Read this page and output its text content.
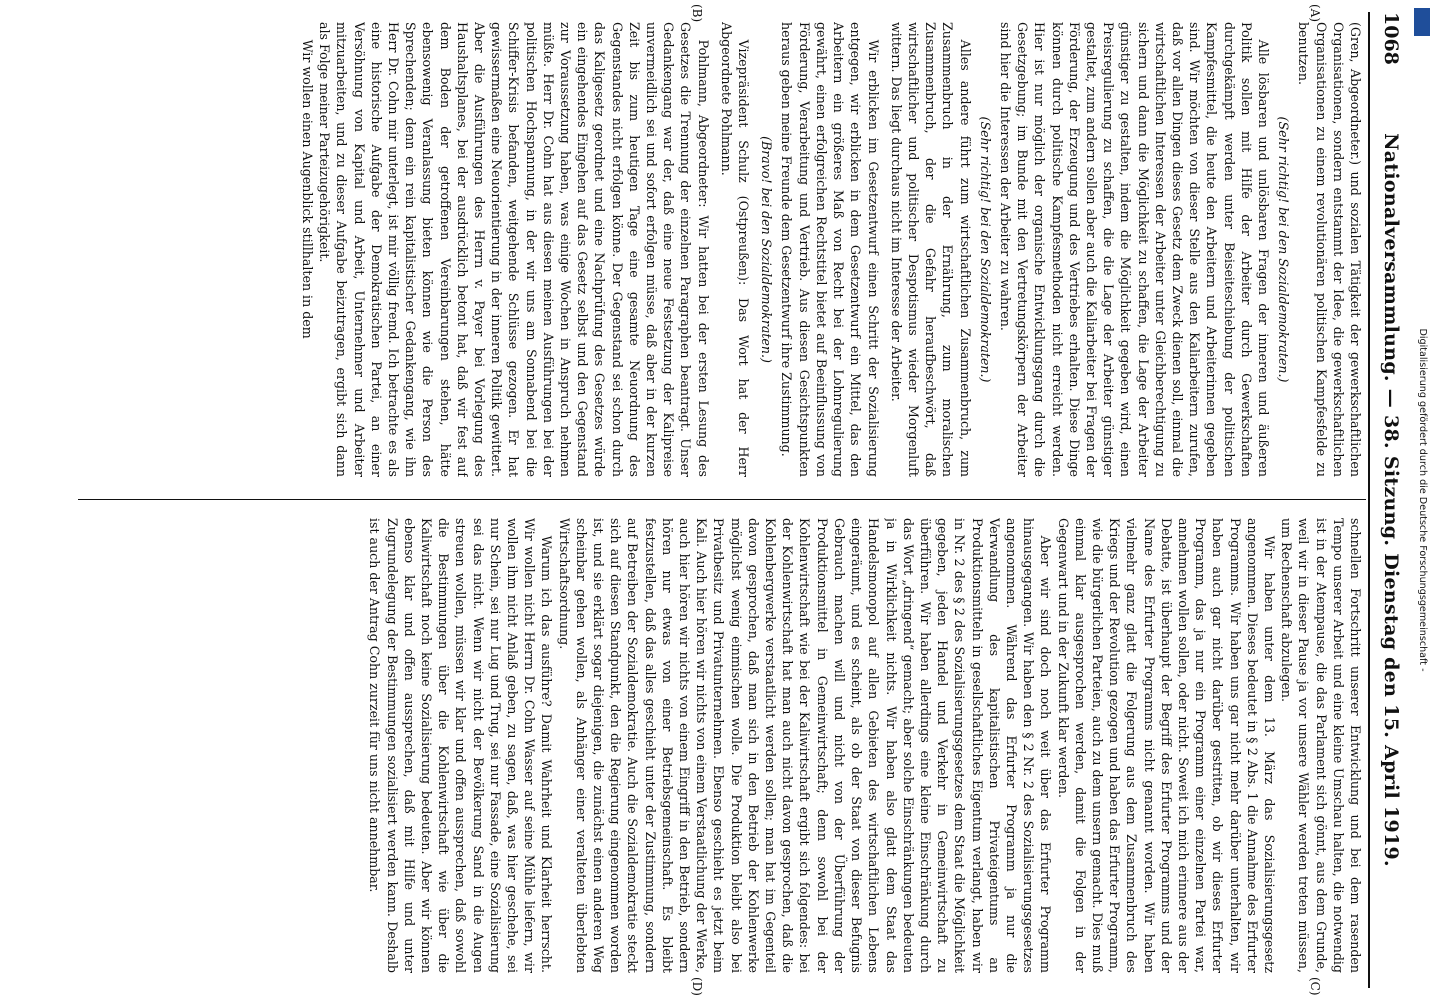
1068
Nationalversammlung. — 38. Sitzung. Dienstag den 15. April 1919.
(A)
(B)
(C)
(D)

(Gren, Abgeordneter.) und sozialen Tätigkeit der gewerkschaftlichen Organisationen, sondern entstammt der Idee, die gewerkschaftlichen Organisationen zu einem revolutionären politischen Kampfesfelde zu benutzen.

(Sehr richtig! bei den Sozialdemokraten.)

Alle lösbaren und unlösbaren Fragen der inneren und äußeren Politik sollen mit Hilfe der Arbeiter durch Gewerkschaften durchgekämpft werden unter Beiseiteschiebung der politischen Kampfesmittel, die heute den Arbeitern und Arbeiterinnen gegeben sind. Wir möchten von dieser Stelle aus den Kaliarbeitern zurufen, daß vor allen Dingen dieses Gesetz dem Zweck dienen soll, einmal die wirtschaftlichen Interessen der Arbeiter unter Gleichberechtigung zu sichern und dann die Möglichkeit zu schaffen, die Lage der Arbeiter günstiger zu gestalten, indem die Möglichkeit gegeben wird, einen Preisregulierung zu schaffen, die die Lage der Arbeiter günstiger gestaltet, zum andern sollen aber auch die Kaliarbeiter bei Fragen der Förderung, der Erzeugung und des Vertriebes erhalten. Diese Dinge können durch politische Kampfesmethoden nicht erreicht werden. Hier ist nur möglich der organische Entwicklungsgang durch die Gesetzgebung; im Bunde mit den Vertretungskörpern der Arbeiter sind hier die Interessen der Arbeiter zu wahren.

(Sehr richtig! bei den Sozialdemokraten.)

Alles andere führt zum wirtschaftlichen Zusammenbruch, zum Zusammenbruch in der Ernährung, zum moralischen Zusammenbruch, der die Gefahr heraufbeschwört, daß wirtschaftlicher und politischer Despotismus wieder Morgenluft wittern. Das liegt durchaus nicht im Interesse der Arbeiter.

Wir erblicken im Gesetzentwurf einen Schritt der Sozialisierung entgegen, wir erblicken in dem Gesetzentwurf ein Mittel, das den Arbeitern ein größeres Maß von Recht bei der Lohnregulierung gewährt, einen erfolgreichen Rechtstitel bietet auf Beeinflussung von Förderung, Verarbeitung und Vertrieb. Aus diesen Gesichtspunkten heraus geben meine Freunde dem Gesetzentwurf ihre Zustimmung.

(Bravo! bei den Sozialdemokraten.)

Vizepräsident Schulz (Ostpreußen): Das Wort hat der Herr Abgeordnete Pohlmann.

Pohlmann, Abgeordneter: Wir hatten bei der ersten Lesung des Gesetzes die Trennung der einzelnen Paragraphen beantragt. Unser Gedankengang war der, daß eine neue Festsetzung der Kalipreise unvermeidlich sei und sofort erfolgen müsse, daß aber in der kurzen Zeit bis zum heutigen Tage eine gesamte Neuordnung des Gegenstandes nicht erfolgen könne. Der Gegenstand sei schon durch das Kaligesetz geordnet und eine Nachprüfung des Gesetzes würde ein eingehendes Eingehen auf das Gesetz selbst und den Gegenstand zur Voraussetzung haben, was einige Wochen in Anspruch nehmen müßte. Herr Dr. Cohn hat aus diesen meinen Ausführungen bei der politischen Hochspannung, in der wir uns am Sonnabend bei die Schiffer-Krisis befanden, weitgehende Schlüsse gezogen. Er hat gewissermaßen eine Neuorientierung in der inneren Politik gewittert. Aber die Ausführungen des Herrn v. Payer bei Vorlegung des Haushaltsplanes, bei der ausdrücklich betont hat, daß wir fest auf dem Boden der getroffenen Vereinbarungen stehen, hätte ebensowenig Veranlassung bieten können wie die Person des Sprechenden; denn ein rein kapitalistischer Gedankengang, wie ihn Herr Dr. Cohn mir unterlegt, ist mir völlig fremd. Ich betrachte es als eine historische Aufgabe der Demokratischen Partei, an einer Versöhnung von Kapital und Arbeit, Unternehmer und Arbeiter mitzuarbeiten, und zu dieser Aufgabe beizutragen, ergibt sich dann als Folge meiner Parteizugehörigkeit.

Wir wollen einen Augenblick stillhalten in dem

schnellen Fortschritt unserer Entwicklung und bei dem rasenden Tempo unserer Arbeit und eine kleine Umschau halten, die notwendig ist in der Atempause, die das Parlament sich gönnt, aus dem Grunde, weil wir in dieser Pause ja vor unsere Wähler werden treten müssen, um Rechenschaft abzulegen.

Wir haben unter dem 13. März das Sozialisierungsgesetz angenommen. Dieses bedeutet in § 2 Abs. 1 die Annahme des Erfurter Programms. Wir haben uns gar nicht mehr darüber unterhalten, wir haben auch gar nicht darüber gestritten, ob wir dieses Erfurter Programm, das ja nur ein Programm einer einzelnen Partei war, annehmen wollen sollen, oder nicht. Soweit ich mich erinnere aus der Debatte, ist überhaupt der Begriff des Erfurter Programms und der Name des Erfurter Programms nicht genannt worden. Wir haben vielmehr ganz glatt die Folgerung aus dem Zusammenbruch des Kriegs und der Revolution gezogen und haben das Erfurter Programm, wie die bürgerlichen Parteien, auch zu dem unsern gemacht. Dies muß einmal klar ausgesprochen werden, damit die Folgen in der Gegenwart und in der Zukunft klar werden.

Aber wir sind doch noch weit über das Erfurter Programm hinausgegangen. Wir haben den § 2 Nr. 2 des Sozialisierungsgesetzes angenommen. Während das Erfurter Programm ja nur die Verwandlung des kapitalistischen Privateigentums an Produktionsmitteln in gesellschaftliches Eigentum verlangt, haben wir in Nr. 2 des § 2 des Sozialisierungsgesetzes dem Staat die Möglichkeit gegeben, jeden Handel und Verkehr in Gemeinwirtschaft zu überführen. Wir haben allerdings eine kleine Einschränkung durch das Wort „dringend“ gemacht; aber solche Einschränkungen bedeuten ja in Wirklichkeit nichts. Wir haben also glatt dem Staat das Handelsmonopol auf allen Gebieten des wirtschaftlichen Lebens eingeräumt, und es scheint, als ob der Staat von dieser Befugnis Gebrauch machen will und nicht von der Überführung der Produktionsmittel in Gemeinwirtschaft; denn sowohl bei der Kohlenwirtschaft wie bei der Kaliwirtschaft ergibt sich folgendes: bei der Kohlenwirtschaft hat man auch nicht davon gesprochen, daß die Kohlenbergwerke verstaatlicht werden sollen; man hat im Gegenteil davon gesprochen, daß man sich in den Betrieb der Kohlenwerke möglichst wenig einmischen wolle. Die Produktion bleibt also bei Privatbesitz und Privatunternehmen. Ebenso geschieht es jetzt beim Kali. Auch hier hören wir nichts von einem Verstaatlichung der Werke, auch hier hören wir nichts von einem Eingriff in den Betrieb, sondern hören nur etwas von einer Betriebsgemeinschaft. Es bleibt festzustellen, daß das alles geschieht unter der Zustimmung, sondern auf Betreiben der Sozialdemokratie. Auch die Sozialdemokratie steckt sich auf diesen Standpunkt, den die Regierung eingenommen worden ist, und sie erklärt sogar diejenigen, die zunächst einen anderen Weg scheinbar gehen wollen, als Anhänger einer veralteten überlebten Wirtschaftsordnung.

Warum ich das ausführe? Damit Wahrheit und Klarheit herrscht. Wir wollen nicht Herrn Dr. Cohn Wasser auf seine Mühle liefern, wir wollen ihm nicht Anlaß geben, zu sagen, daß, was hier geschehe, sei nur Schein, sei nur Lug und Trug, sei nur Fassade, eine Sozialisierung sei das nicht. Wenn wir nicht der Bevölkerung Sand in die Augen streuen wollen, müssen wir klar und offen aussprechen, daß sowohl die Bestimmungen über die Kohlenwirtschaft wie über die Kaliwirtschaft noch keine Sozialisierung bedeuten. Aber wir können ebenso klar und offen aussprechen, daß mit Hilfe und unter Zugrundelegung der Bestimmungen sozialisiert werden kann. Deshalb ist auch der Antrag Cohn zurzeit für uns nicht annehmbar.

Digitalisierung gefördert durch die Deutsche Forschungsgemeinschaft -
